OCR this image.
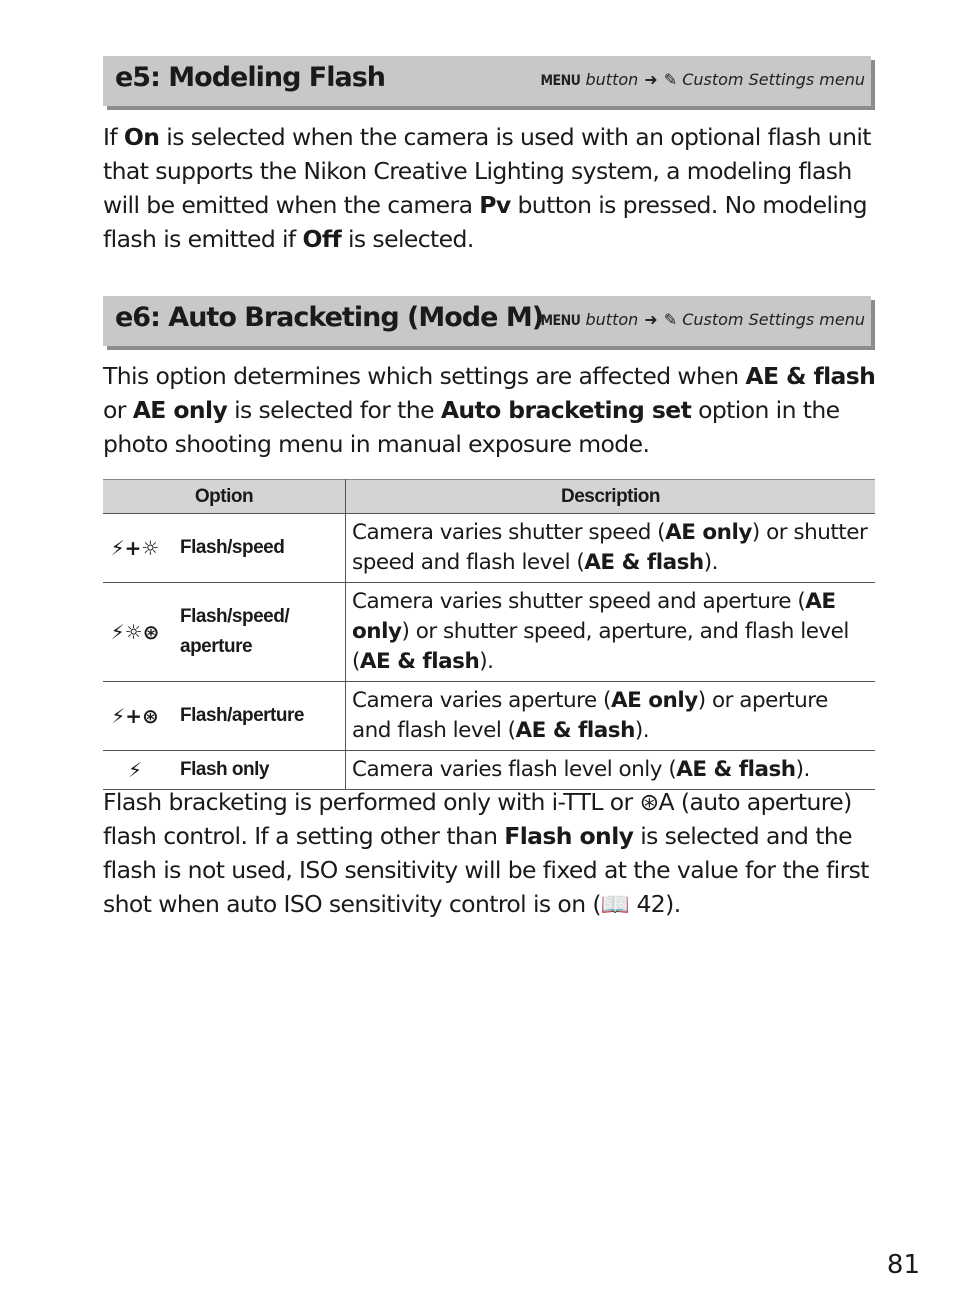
e5: Modeling Flash	MENU button ➜ ✎ Custom Settings menu
If On is selected when the camera is used with an optional flash unit that supports the Nikon Creative Lighting system, a modeling flash will be emitted when the camera Pv button is pressed. No modeling flash is emitted if Off is selected.
e6: Auto Bracketing (Mode M)
MENU button ➜ ✎ Custom Settings menu
This option determines which settings are affected when AE & flash or AE only is selected for the Auto bracketing set option in the photo shooting menu in manual exposure mode.
Option		Description
⚡+☼	Flash/speed	Camera varies shutter speed (AE only) or shutter speed and flash level (AE & flash).
⚡☼⊛	Flash/speed/ aperture	Camera varies shutter speed and aperture (AE only) or shutter speed, aperture, and flash level (AE & flash).
⚡+⊛	Flash/aperture	Camera varies aperture (AE only) or aperture and flash level (AE & flash).
⚡	Flash only	Camera varies flash level only (AE & flash).
Flash bracketing is performed only with i-TTL or ⊛A (auto aperture) flash control. If a setting other than Flash only is selected and the flash is not used, ISO sensitivity will be fixed at the value for the first shot when auto ISO sensitivity control is on (📖 42).
81
